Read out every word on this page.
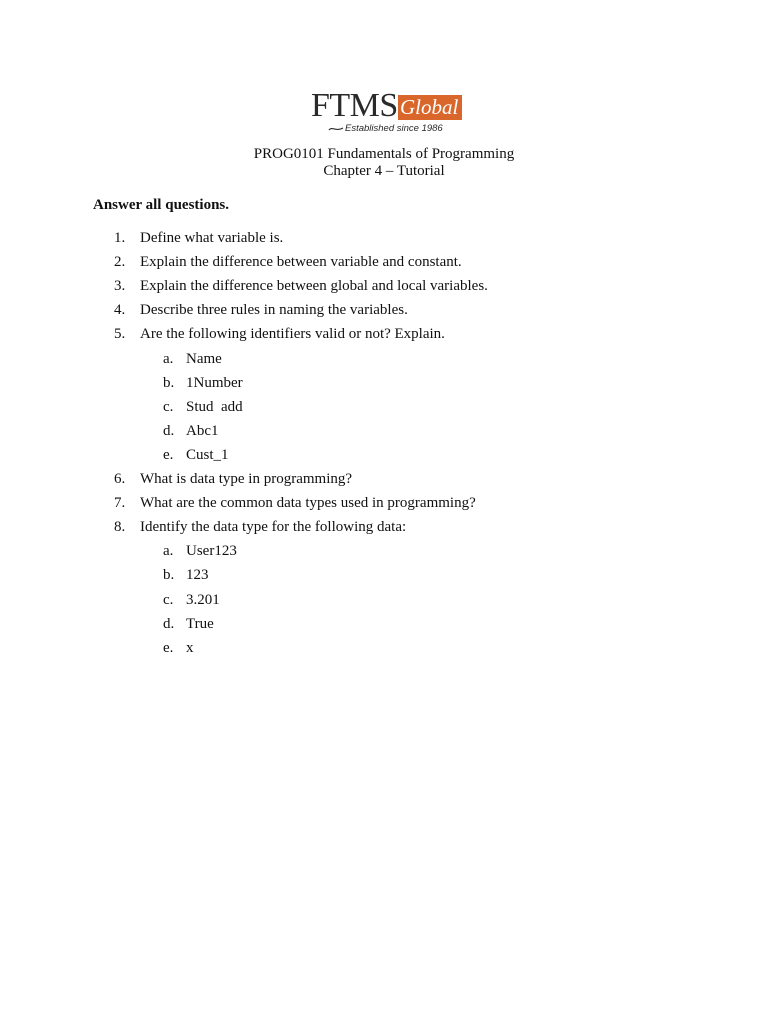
FTMS Global
Established since 1986
PROG0101 Fundamentals of Programming
Chapter 4 – Tutorial
Answer all questions.
1. Define what variable is.
2. Explain the difference between variable and constant.
3. Explain the difference between global and local variables.
4. Describe three rules in naming the variables.
5. Are the following identifiers valid or not? Explain.
a. Name
b. 1Number
c. Stud  add
d. Abc1
e. Cust_1
6. What is data type in programming?
7. What are the common data types used in programming?
8. Identify the data type for the following data:
a. User123
b. 123
c. 3.201
d. True
e. x
